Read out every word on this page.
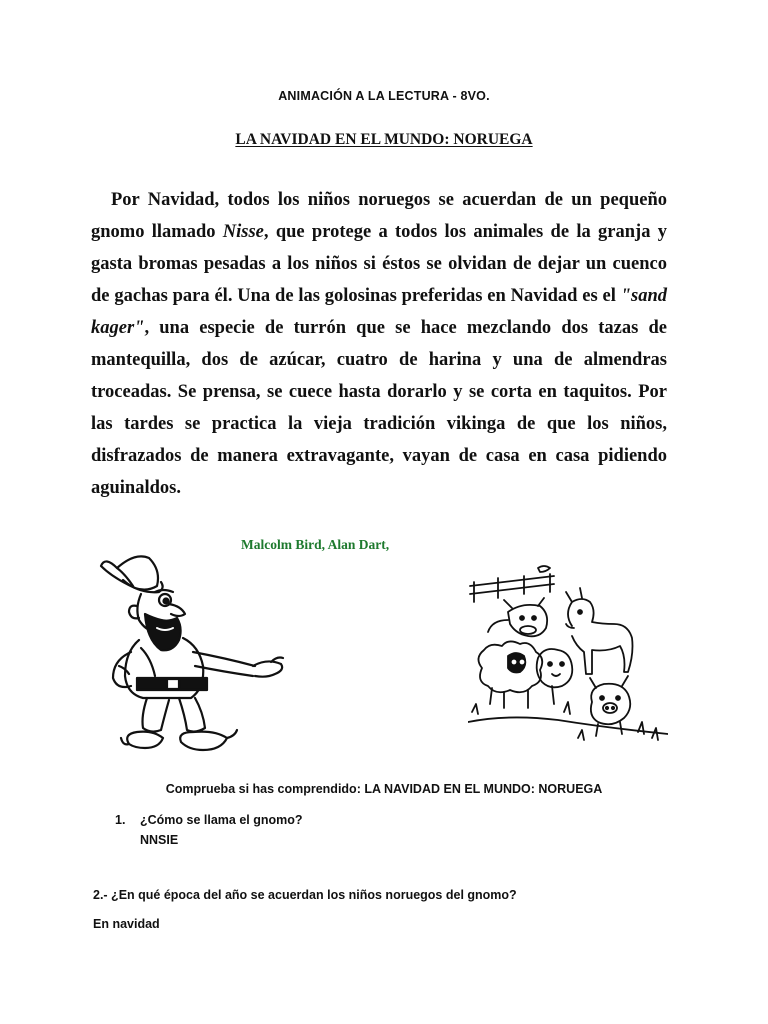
ANIMACIÓN A LA LECTURA - 8VO.
LA NAVIDAD EN EL MUNDO: NORUEGA

Por Navidad, todos los niños noruegos se acuerdan de un pequeño gnomo llamado Nisse, que protege a todos los animales de la granja y gasta bromas pesadas a los niños si éstos se olvidan de dejar un cuenco de gachas para él. Una de las golosinas preferidas en Navidad es el "sand kager", una especie de turrón que se hace mezclando dos tazas de mantequilla, dos de azúcar, cuatro de harina y una de almendras troceadas. Se prensa, se cuece hasta dorarlo y se corta en taquitos. Por las tardes se practica la vieja tradición vikinga de que los niños, disfrazados de manera extravagante, vayan de casa en casa pidiendo aguinaldos.

Malcolm Bird, Alan Dart,
Comprueba si has comprendido: LA NAVIDAD EN EL MUNDO: NORUEGA
1. ¿Cómo se llama el gnomo?
NNSIE
2.- ¿En qué época del año se acuerdan los niños noruegos del gnomo?
En navidad
